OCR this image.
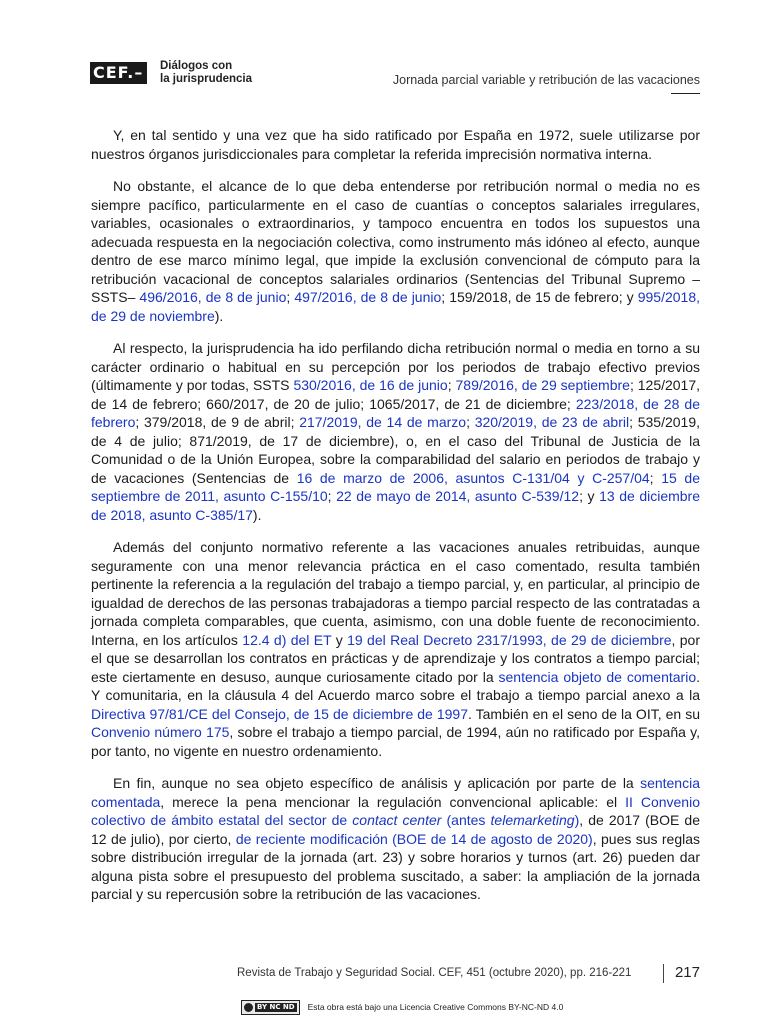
CEF.–	Diálogos con
la jurisprudencia	Jornada parcial variable y retribución de las vacaciones

Y, en tal sentido y una vez que ha sido ratificado por España en 1972, suele utilizarse por nuestros órganos jurisdiccionales para completar la referida imprecisión normativa interna.

No obstante, el alcance de lo que deba entenderse por retribución normal o media no es siempre pacífico, particularmente en el caso de cuantías o conceptos salariales irregulares, variables, ocasionales o extraordinarios, y tampoco encuentra en todos los supuestos una adecuada respuesta en la negociación colectiva, como instrumento más idóneo al efecto, aunque dentro de ese marco mínimo legal, que impide la exclusión convencional de cómputo para la retribución vacacional de conceptos salariales ordinarios (Sentencias del Tribunal Supremo –SSTS– 496/2016, de 8 de junio; 497/2016, de 8 de junio; 159/2018, de 15 de febrero; y 995/2018, de 29 de noviembre).

Al respecto, la jurisprudencia ha ido perfilando dicha retribución normal o media en torno a su carácter ordinario o habitual en su percepción por los periodos de trabajo efectivo previos (últimamente y por todas, SSTS 530/2016, de 16 de junio; 789/2016, de 29 septiembre; 125/2017, de 14 de febrero; 660/2017, de 20 de julio; 1065/2017, de 21 de diciembre; 223/2018, de 28 de febrero; 379/2018, de 9 de abril; 217/2019, de 14 de marzo; 320/2019, de 23 de abril; 535/2019, de 4 de julio; 871/2019, de 17 de diciembre), o, en el caso del Tribunal de Justicia de la Comunidad o de la Unión Europea, sobre la comparabilidad del salario en periodos de trabajo y de vacaciones (Sentencias de 16 de marzo de 2006, asuntos C-131/04 y C-257/04; 15 de septiembre de 2011, asunto C-155/10; 22 de mayo de 2014, asunto C-539/12; y 13 de diciembre de 2018, asunto C-385/17).

Además del conjunto normativo referente a las vacaciones anuales retribuidas, aunque seguramente con una menor relevancia práctica en el caso comentado, resulta también pertinente la referencia a la regulación del trabajo a tiempo parcial, y, en particular, al principio de igualdad de derechos de las personas trabajadoras a tiempo parcial respecto de las contratadas a jornada completa comparables, que cuenta, asimismo, con una doble fuente de reconocimiento. Interna, en los artículos 12.4 d) del ET y 19 del Real Decreto 2317/1993, de 29 de diciembre, por el que se desarrollan los contratos en prácticas y de aprendizaje y los contratos a tiempo parcial; este ciertamente en desuso, aunque curiosamente citado por la sentencia objeto de comentario. Y comunitaria, en la cláusula 4 del Acuerdo marco sobre el trabajo a tiempo parcial anexo a la Directiva 97/81/CE del Consejo, de 15 de diciembre de 1997. También en el seno de la OIT, en su Convenio número 175, sobre el trabajo a tiempo parcial, de 1994, aún no ratificado por España y, por tanto, no vigente en nuestro ordenamiento.

En fin, aunque no sea objeto específico de análisis y aplicación por parte de la sentencia comentada, merece la pena mencionar la regulación convencional aplicable: el II Convenio colectivo de ámbito estatal del sector de contact center (antes telemarketing), de 2017 (BOE de 12 de julio), por cierto, de reciente modificación (BOE de 14 de agosto de 2020), pues sus reglas sobre distribución irregular de la jornada (art. 23) y sobre horarios y turnos (art. 26) pueden dar alguna pista sobre el presupuesto del problema suscitado, a saber: la ampliación de la jornada parcial y su repercusión sobre la retribución de las vacaciones.

Revista de Trabajo y Seguridad Social. CEF, 451 (octubre 2020), pp. 216-221	217
BY NC ND Esta obra está bajo una Licencia Creative Commons BY-NC-ND 4.0
